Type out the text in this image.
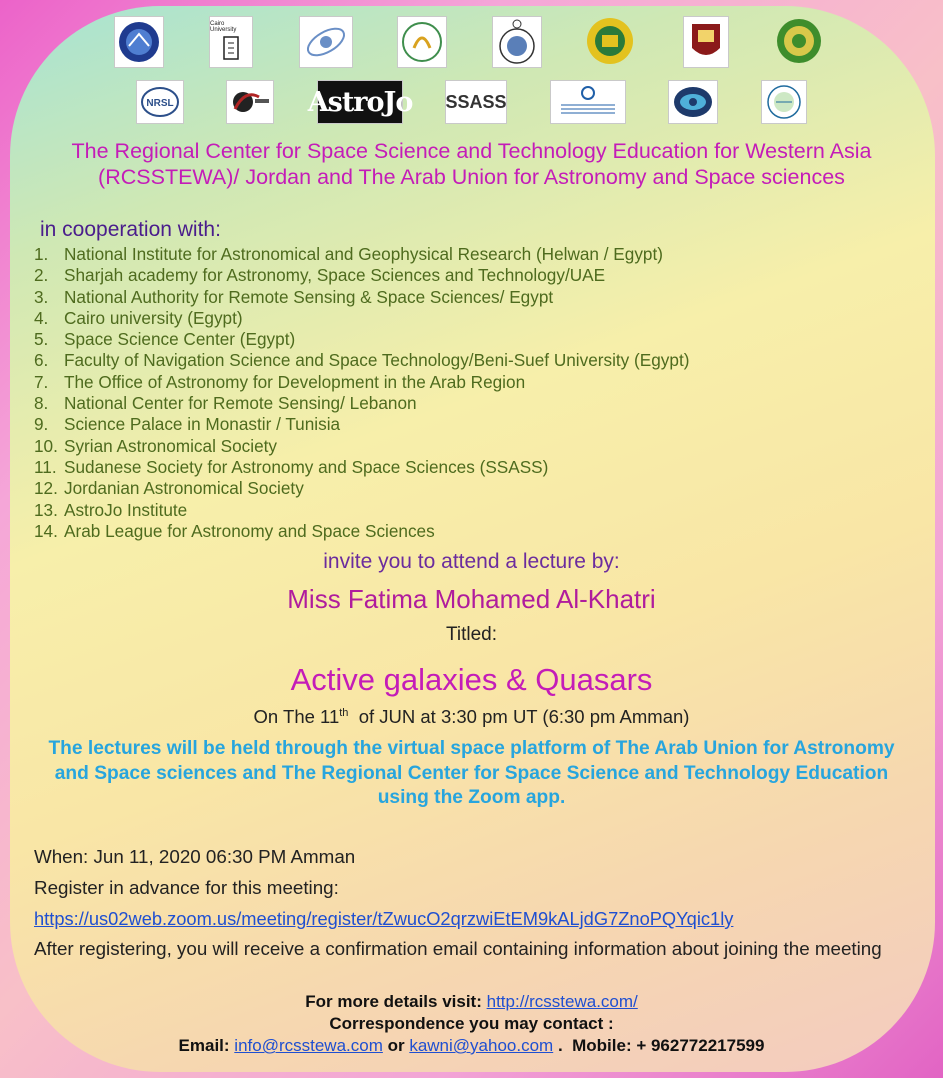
Cairo University
NRSL	AstroJo SSASS
The Regional Center for Space Science and Technology Education for Western Asia (RCSSTEWA)/ Jordan and The Arab Union for Astronomy and Space sciences
in cooperation with:
1. National Institute for Astronomical and Geophysical Research (Helwan / Egypt)
2. Sharjah academy for Astronomy, Space Sciences and Technology/UAE
3. National Authority for Remote Sensing & Space Sciences/ Egypt
4. Cairo university (Egypt)
5. Space Science Center (Egypt)
6. Faculty of Navigation Science and Space Technology/Beni-Suef University (Egypt)
7. The Office of Astronomy for Development in the Arab Region
8. National Center for Remote Sensing/ Lebanon
9. Science Palace in Monastir / Tunisia
10. Syrian Astronomical Society
11. Sudanese Society for Astronomy and Space Sciences (SSASS)
12. Jordanian Astronomical Society
13. AstroJo Institute
14. Arab League for Astronomy and Space Sciences
invite you to attend a lecture by:
Miss Fatima Mohamed Al-Khatri
Titled:
Active galaxies & Quasars
On The 11th  of JUN at 3:30 pm UT (6:30 pm Amman)
The lectures will be held through the virtual space platform of The Arab Union for Astronomy and Space sciences and The Regional Center for Space Science and Technology Education using the Zoom app.
When: Jun 11, 2020 06:30 PM Amman
Register in advance for this meeting:
https://us02web.zoom.us/meeting/register/tZwucO2qrzwiEtEM9kALjdG7ZnoPQYqic1ly
After registering, you will receive a confirmation email containing information about joining the meeting
For more details visit: http://rcsstewa.com/
Correspondence you may contact :
Email: info@rcsstewa.com or kawni@yahoo.com .  Mobile: + 962772217599
